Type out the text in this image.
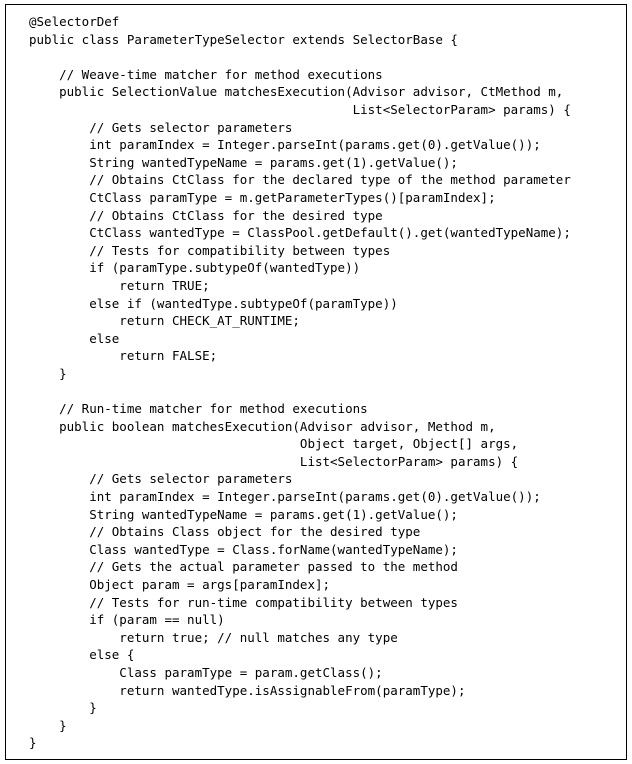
@SelectorDef
public class ParameterTypeSelector extends SelectorBase {
// Weave-time matcher for method executions
public SelectionValue matchesExecution(Advisor advisor, CtMethod m,
List<SelectorParam> params) {
// Gets selector parameters
int paramIndex = Integer.parseInt(params.get(0).getValue());
String wantedTypeName = params.get(1).getValue();
// Obtains CtClass for the declared type of the method parameter
CtClass paramType = m.getParameterTypes()[paramIndex];
// Obtains CtClass for the desired type
CtClass wantedType = ClassPool.getDefault().get(wantedTypeName);
// Tests for compatibility between types
if (paramType.subtypeOf(wantedType))
return TRUE;
else if (wantedType.subtypeOf(paramType))
return CHECK_AT_RUNTIME;
else
return FALSE;
}
// Run-time matcher for method executions
public boolean matchesExecution(Advisor advisor, Method m,
Object target, Object[] args,
List<SelectorParam> params) {
// Gets selector parameters
int paramIndex = Integer.parseInt(params.get(0).getValue());
String wantedTypeName = params.get(1).getValue();
// Obtains Class object for the desired type
Class wantedType = Class.forName(wantedTypeName);
// Gets the actual parameter passed to the method
Object param = args[paramIndex];
// Tests for run-time compatibility between types
if (param == null)
return true; // null matches any type
else {
Class paramType = param.getClass();
return wantedType.isAssignableFrom(paramType);
}
}
}
